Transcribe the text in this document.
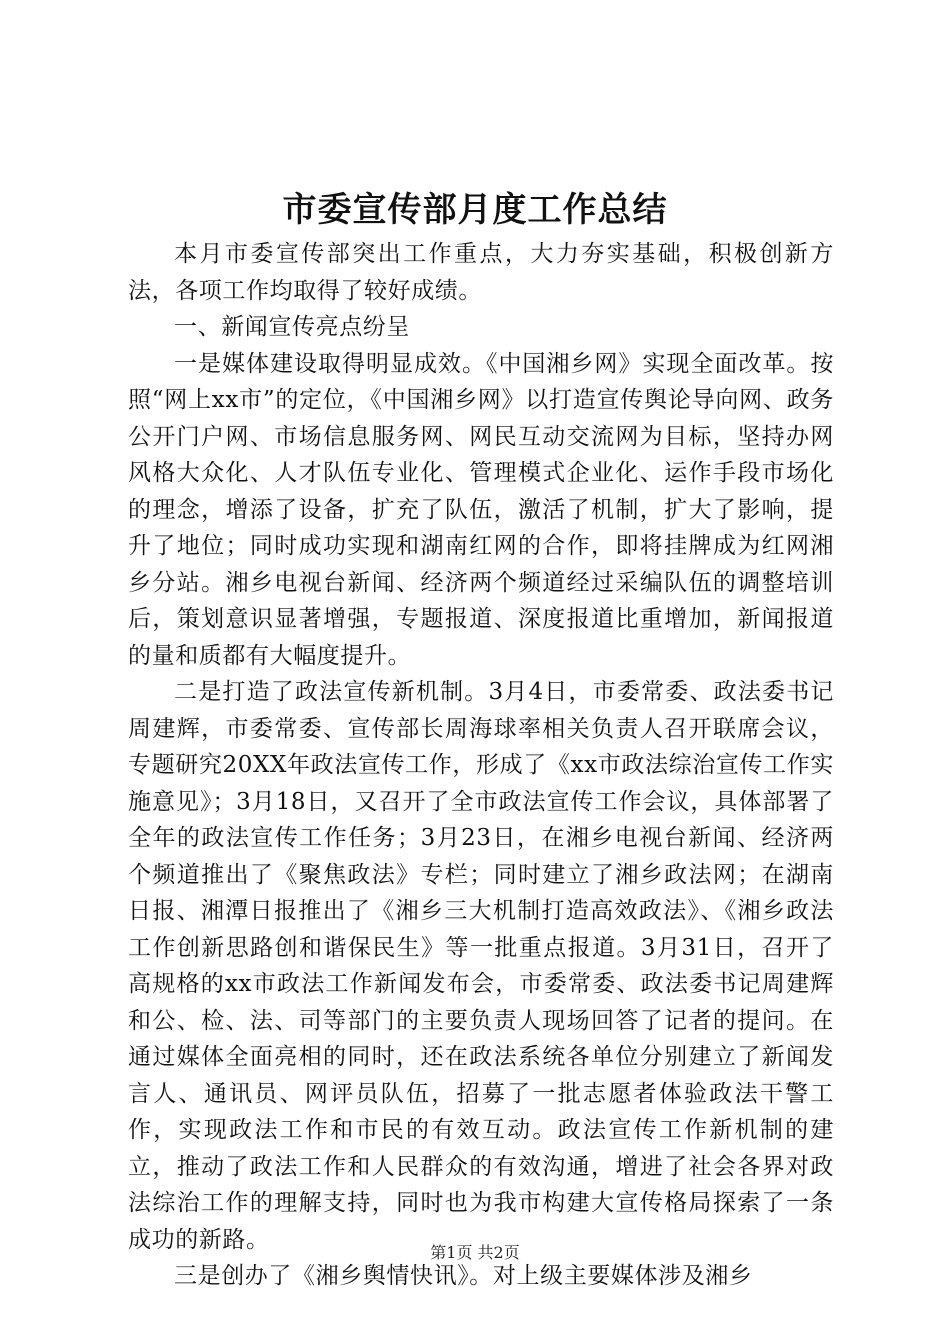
市委宣传部月度工作总结

本月市委宣传部突出工作重点，大力夯实基础，积极创新方法，各项工作均取得了较好成绩。

一、新闻宣传亮点纷呈

一是媒体建设取得明显成效。《中国湘乡网》实现全面改革。按照“网上xx市”的定位，《中国湘乡网》以打造宣传舆论导向网、政务公开门户网、市场信息服务网、网民互动交流网为目标，坚持办网风格大众化、人才队伍专业化、管理模式企业化、运作手段市场化的理念，增添了设备，扩充了队伍，激活了机制，扩大了影响，提升了地位；同时成功实现和湖南红网的合作，即将挂牌成为红网湘乡分站。湘乡电视台新闻、经济两个频道经过采编队伍的调整培训后，策划意识显著增强，专题报道、深度报道比重增加，新闻报道的量和质都有大幅度提升。

二是打造了政法宣传新机制。3月4日，市委常委、政法委书记周建辉，市委常委、宣传部长周海球率相关负责人召开联席会议，专题研究20XX年政法宣传工作，形成了《xx市政法综治宣传工作实施意见》；3月18日，又召开了全市政法宣传工作会议，具体部署了全年的政法宣传工作任务；3月23日，在湘乡电视台新闻、经济两个频道推出了《聚焦政法》专栏；同时建立了湘乡政法网；在湖南日报、湘潭日报推出了《湘乡三大机制打造高效政法》、《湘乡政法工作创新思路创和谐保民生》等一批重点报道。3月31日，召开了高规格的xx市政法工作新闻发布会，市委常委、政法委书记周建辉和公、检、法、司等部门的主要负责人现场回答了记者的提问。在通过媒体全面亮相的同时，还在政法系统各单位分别建立了新闻发言人、通讯员、网评员队伍，招募了一批志愿者体验政法干警工作，实现政法工作和市民的有效互动。政法宣传工作新机制的建立，推动了政法工作和人民群众的有效沟通，增进了社会各界对政法综治工作的理解支持，同时也为我市构建大宣传格局探索了一条成功的新路。

三是创办了《湘乡舆情快讯》。对上级主要媒体涉及湘乡

第1页 共2页
